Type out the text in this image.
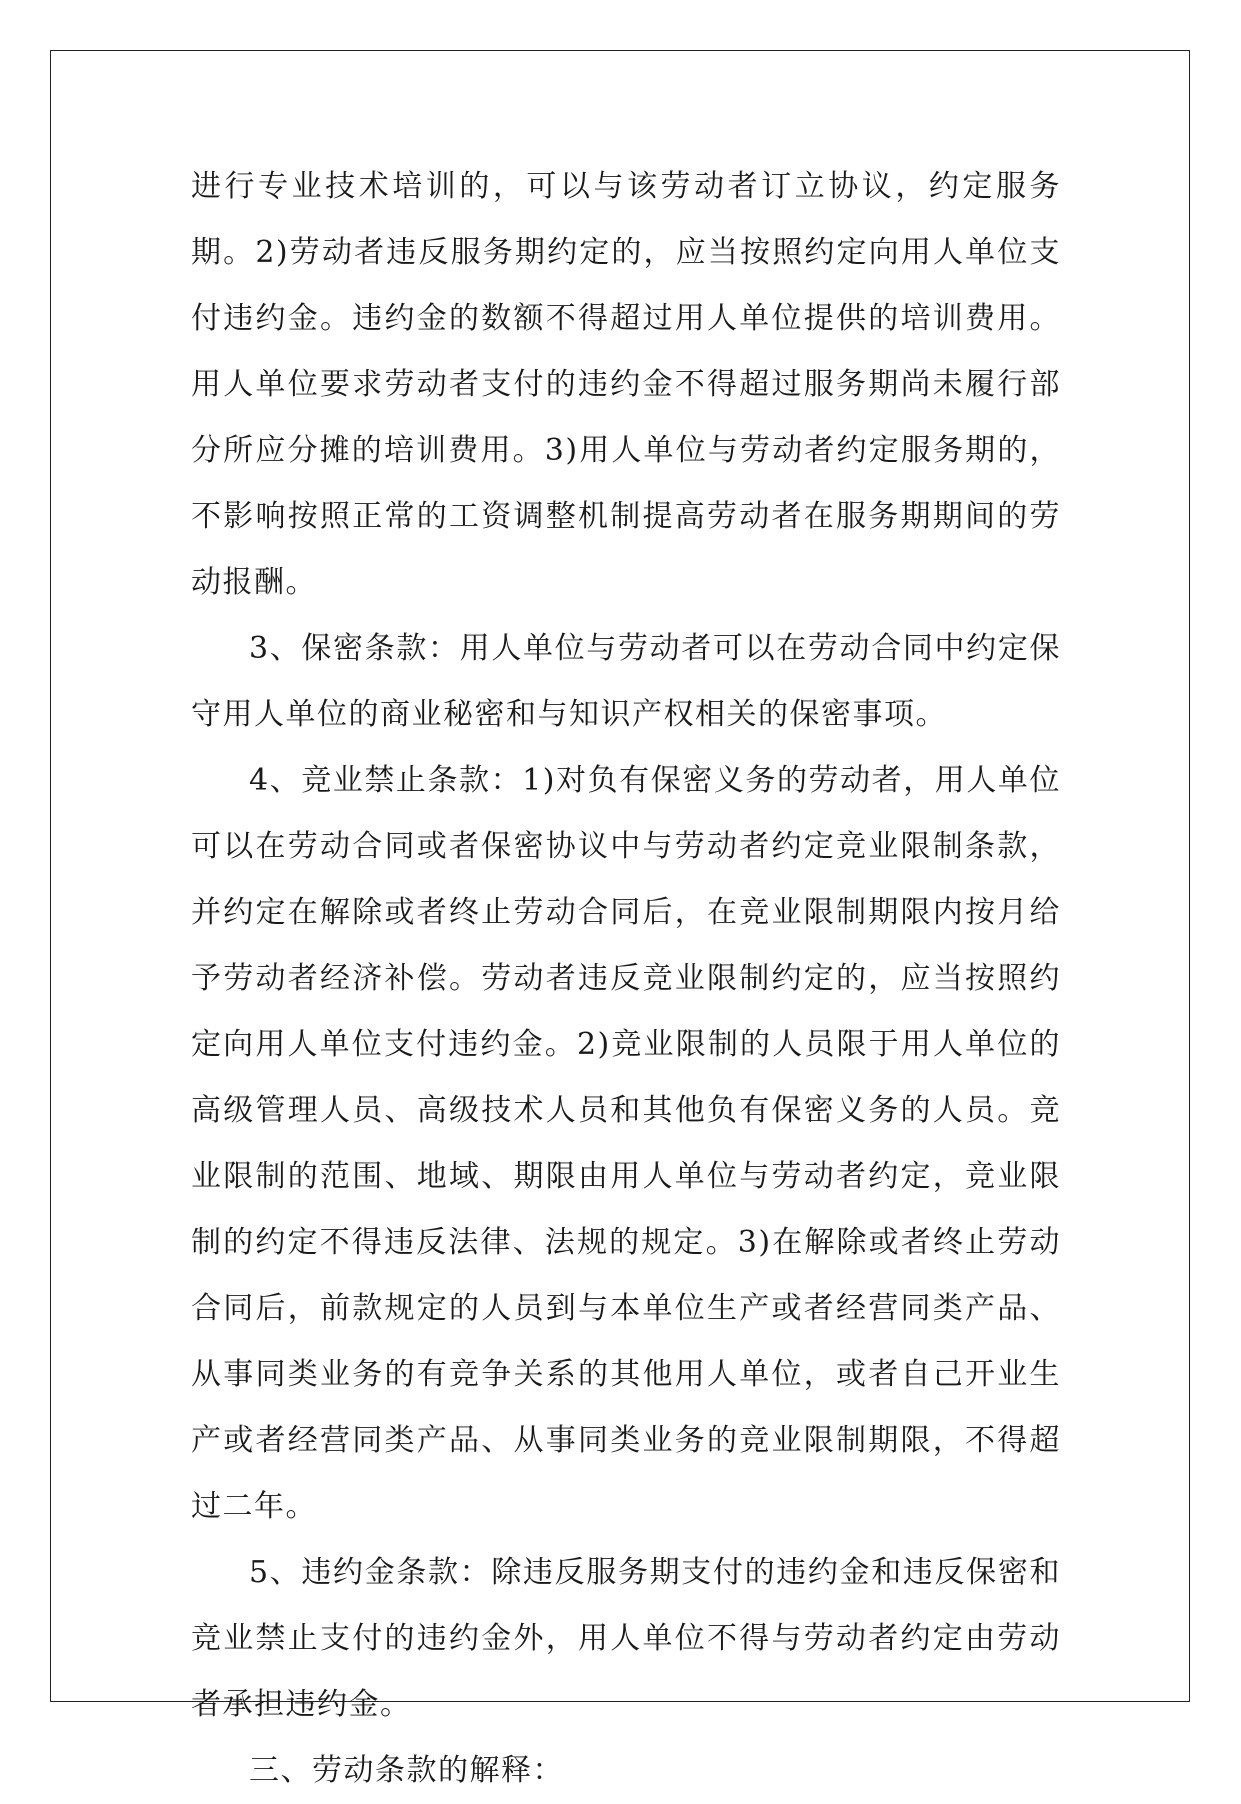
进行专业技术培训的，可以与该劳动者订立协议，约定服务期。2)劳动者违反服务期约定的，应当按照约定向用人单位支付违约金。违约金的数额不得超过用人单位提供的培训费用。用人单位要求劳动者支付的违约金不得超过服务期尚未履行部分所应分摊的培训费用。3)用人单位与劳动者约定服务期的，不影响按照正常的工资调整机制提高劳动者在服务期期间的劳动报酬。

3、保密条款：用人单位与劳动者可以在劳动合同中约定保守用人单位的商业秘密和与知识产权相关的保密事项。

4、竞业禁止条款：1)对负有保密义务的劳动者，用人单位可以在劳动合同或者保密协议中与劳动者约定竞业限制条款，并约定在解除或者终止劳动合同后，在竞业限制期限内按月给予劳动者经济补偿。劳动者违反竞业限制约定的，应当按照约定向用人单位支付违约金。2)竞业限制的人员限于用人单位的高级管理人员、高级技术人员和其他负有保密义务的人员。竞业限制的范围、地域、期限由用人单位与劳动者约定，竞业限制的约定不得违反法律、法规的规定。3)在解除或者终止劳动合同后，前款规定的人员到与本单位生产或者经营同类产品、从事同类业务的有竞争关系的其他用人单位，或者自己开业生产或者经营同类产品、从事同类业务的竞业限制期限，不得超过二年。

5、违约金条款：除违反服务期支付的违约金和违反保密和竞业禁止支付的违约金外，用人单位不得与劳动者约定由劳动者承担违约金。

三、劳动条款的解释：
